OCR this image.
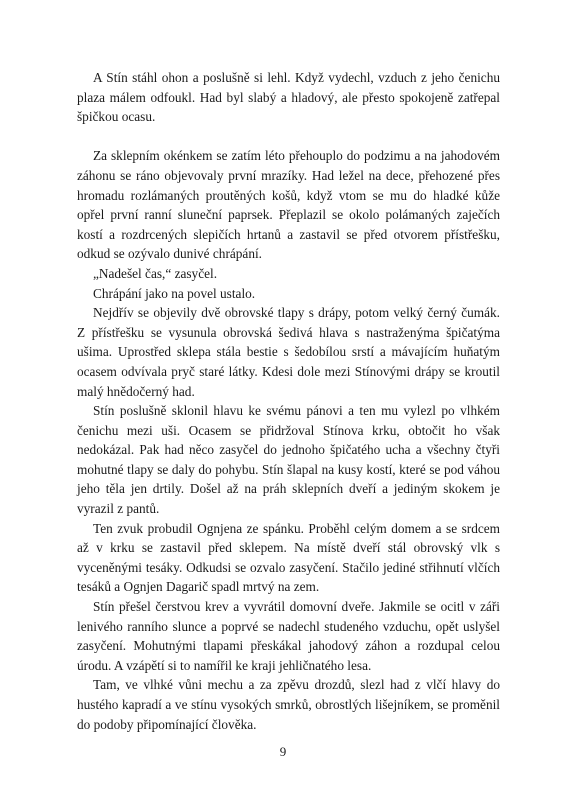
A Stín stáhl ohon a poslušně si lehl. Když vydechl, vzduch z jeho čenichu plaza málem odfoukl. Had byl slabý a hladový, ale přesto spokojeně zatřepal špičkou ocasu.

Za sklepním okénkem se zatím léto přehouplo do podzimu a na jahodovém záhonu se ráno objevovaly první mrazíky. Had ležel na dece, přehozené přes hromadu rozlámaných proutěných košů, když vtom se mu do hladké kůže opřel první ranní sluneční paprsek. Přeplazil se okolo polámaných zaječích kostí a rozdrcených slepičích hrtanů a zastavil se před otvorem přístřešku, odkud se ozývalo dunivé chrápání.

„Nadešel čas,“ zasyčel.

Chrápání jako na povel ustalo.

Nejdřív se objevily dvě obrovské tlapy s drápy, potom velký černý čumák. Z přístřešku se vysunula obrovská šedivá hlava s nastraženýma špičatýma ušima. Uprostřed sklepa stála bestie s šedobílou srstí a mávajícím huňatým ocasem odvívala pryč staré látky. Kdesi dole mezi Stínovými drápy se kroutil malý hnědočerný had.

Stín poslušně sklonil hlavu ke svému pánovi a ten mu vylezl po vlhkém čenichu mezi uši. Ocasem se přidržoval Stínova krku, obtočit ho však nedokázal. Pak had něco zasyčel do jednoho špičatého ucha a všechny čtyři mohutné tlapy se daly do pohybu. Stín šlapal na kusy kostí, které se pod váhou jeho těla jen drtily. Došel až na práh sklepních dveří a jediným skokem je vyrazil z pantů.

Ten zvuk probudil Ognjena ze spánku. Proběhl celým domem a se srdcem až v krku se zastavil před sklepem. Na místě dveří stál obrovský vlk s vyceněnými tesáky. Odkudsi se ozvalo zasyčení. Stačilo jediné střihnutí vlčích tesáků a Ognjen Dagarič spadl mrtvý na zem.

Stín přešel čerstvou krev a vyvrátil domovní dveře. Jakmile se ocitl v záři lenivého ranního slunce a poprvé se nadechl studeného vzduchu, opět uslyšel zasyčení. Mohutnými tlapami přeskákal jahodový záhon a rozdupal celou úrodu. A vzápětí si to namířil ke kraji jehličnatého lesa.

Tam, ve vlhké vůni mechu a za zpěvu drozdů, slezl had z vlčí hlavy do hustého kapradí a ve stínu vysokých smrků, obrostlých lišejníkem, se proměnil do podoby připomínající člověka.

9
